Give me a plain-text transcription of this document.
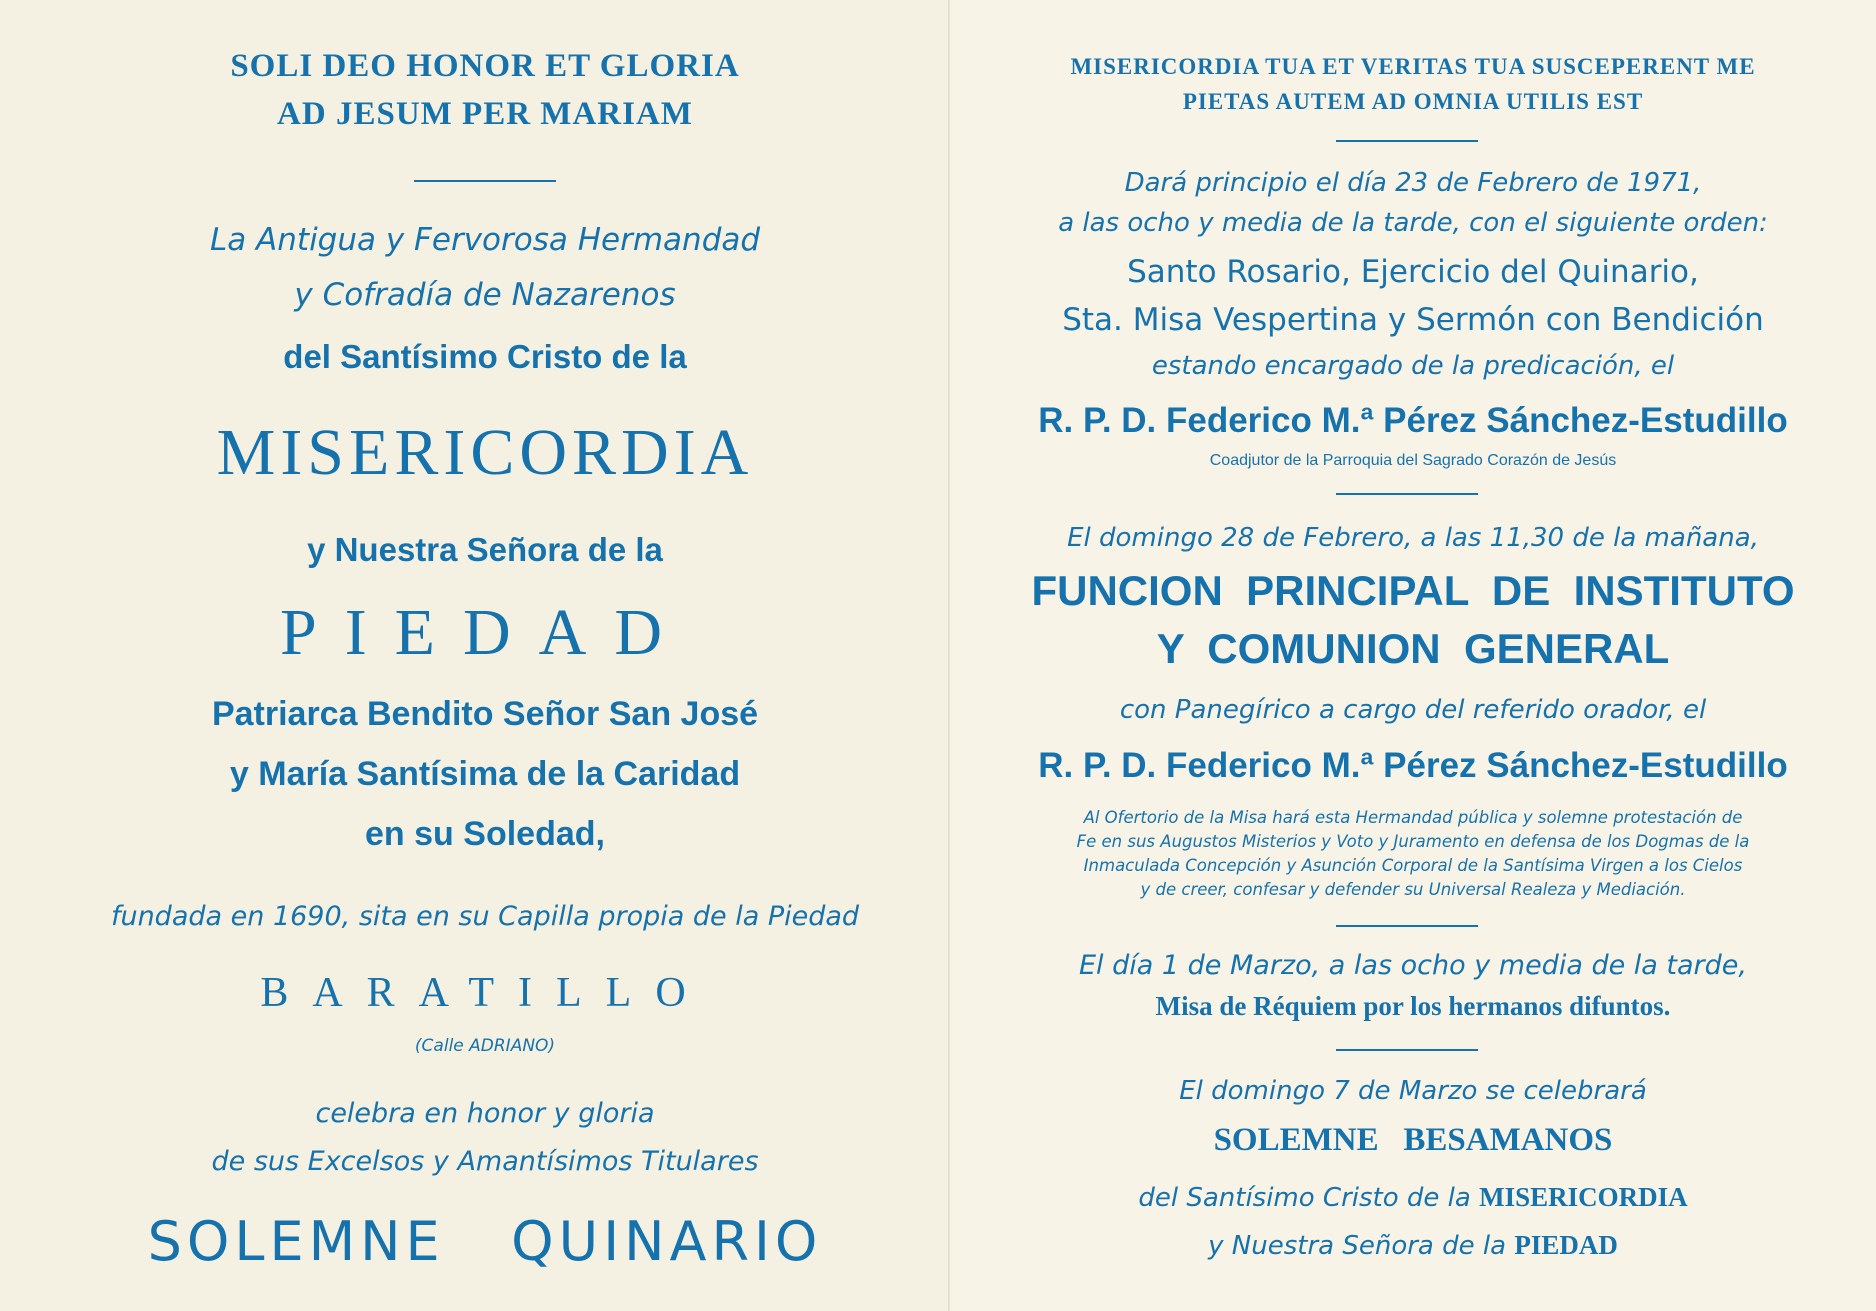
SOLI DEO HONOR ET GLORIA
AD JESUM PER MARIAM
La Antigua y Fervorosa Hermandad
y Cofradía de Nazarenos
del Santísimo Cristo de la
MISERICORDIA
y Nuestra Señora de la
PIEDAD
Patriarca Bendito Señor San José
y María Santísima de la Caridad
en su Soledad,
fundada en 1690, sita en su Capilla propia de la Piedad
BARATILLO
(Calle ADRIANO)
celebra en honor y gloria
de sus Excelsos y Amantísimos Titulares
SOLEMNE   QUINARIO
MISERICORDIA TUA ET VERITAS TUA SUSCEPERENT ME
PIETAS AUTEM AD OMNIA UTILIS EST
Dará principio el día 23 de Febrero de 1971,
a las ocho y media de la tarde, con el siguiente orden:
Santo Rosario, Ejercicio del Quinario,
Sta. Misa Vespertina y Sermón con Bendición
estando encargado de la predicación, el
R. P. D. Federico M.ª Pérez Sánchez-Estudillo
Coadjutor de la Parroquia del Sagrado Corazón de Jesús
El domingo 28 de Febrero, a las 11,30 de la mañana,
FUNCION  PRINCIPAL  DE  INSTITUTO
Y  COMUNION  GENERAL
con Panegírico a cargo del referido orador, el
R. P. D. Federico M.ª Pérez Sánchez-Estudillo
Al Ofertorio de la Misa hará esta Hermandad pública y solemne protestación de
Fe en sus Augustos Misterios y Voto y Juramento en defensa de los Dogmas de la
Inmaculada Concepción y Asunción Corporal de la Santísima Virgen a los Cielos
y de creer, confesar y defender su Universal Realeza y Mediación.
El día 1 de Marzo, a las ocho y media de la tarde,
Misa de Réquiem por los hermanos difuntos.
El domingo 7 de Marzo se celebrará
SOLEMNE   BESAMANOS
del Santísimo Cristo de la MISERICORDIA
y Nuestra Señora de la PIEDAD
